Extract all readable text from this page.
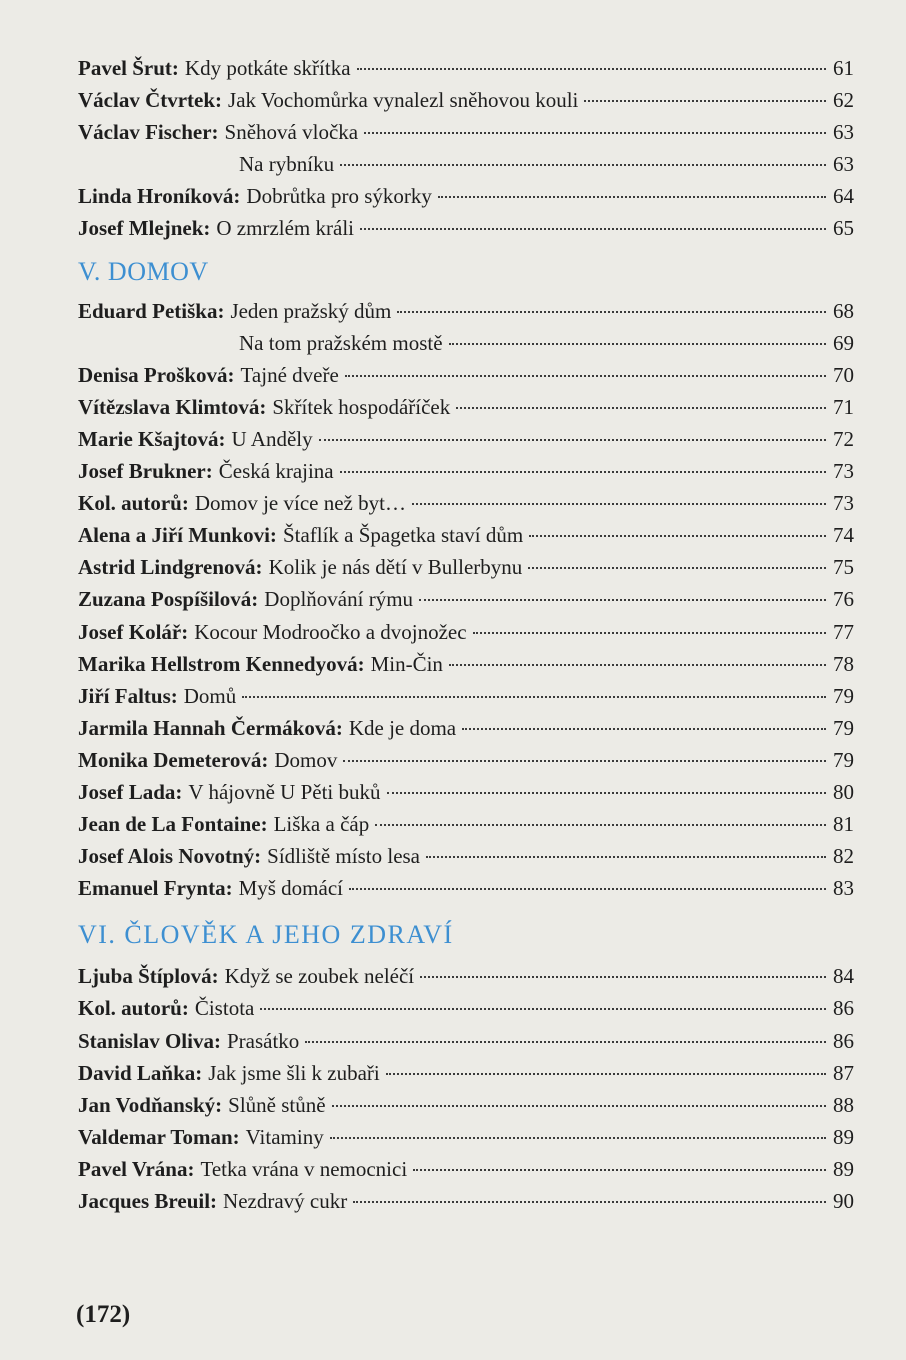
Pavel Šrut: Kdy potkáte skřítka	61
Václav Čtvrtek: Jak Vochomůrka vynalezl sněhovou kouli	62
Václav Fischer: Sněhová vločka	63
Na rybníku	63
Linda Hroníková: Dobrůtka pro sýkorky	64
Josef Mlejnek: O zmrzlém králi	65
V. DOMOV
Eduard Petiška: Jeden pražský dům	68
Na tom pražském mostě	69
Denisa Prošková: Tajné dveře	70
Vítězslava Klimtová: Skřítek hospodáříček	71
Marie Kšajtová: U Anděly	72
Josef Brukner: Česká krajina	73
Kol. autorů: Domov je více než byt…	73
Alena a Jiří Munkovi: Štaflík a Špagetka staví dům	74
Astrid Lindgrenová: Kolik je nás dětí v Bullerbynu	75
Zuzana Pospíšilová: Doplňování rýmu	76
Josef Kolář: Kocour Modroočko a dvojnožec	77
Marika Hellstrom Kennedyová: Min-Čin	78
Jiří Faltus: Domů	79
Jarmila Hannah Čermáková: Kde je doma	79
Monika Demeterová: Domov	79
Josef Lada: V hájovně U Pěti buků	80
Jean de La Fontaine: Liška a čáp	81
Josef Alois Novotný: Sídliště místo lesa	82
Emanuel Frynta: Myš domácí	83
VI. ČLOVĚK A JEHO ZDRAVÍ
Ljuba Štíplová: Když se zoubek neléčí	84
Kol. autorů: Čistota	86
Stanislav Oliva: Prasátko	86
David Laňka: Jak jsme šli k zubaři	87
Jan Vodňanský: Slůně stůně	88
Valdemar Toman: Vitaminy	89
Pavel Vrána: Tetka vrána v nemocnici	89
Jacques Breuil: Nezdravý cukr	90
(172)
